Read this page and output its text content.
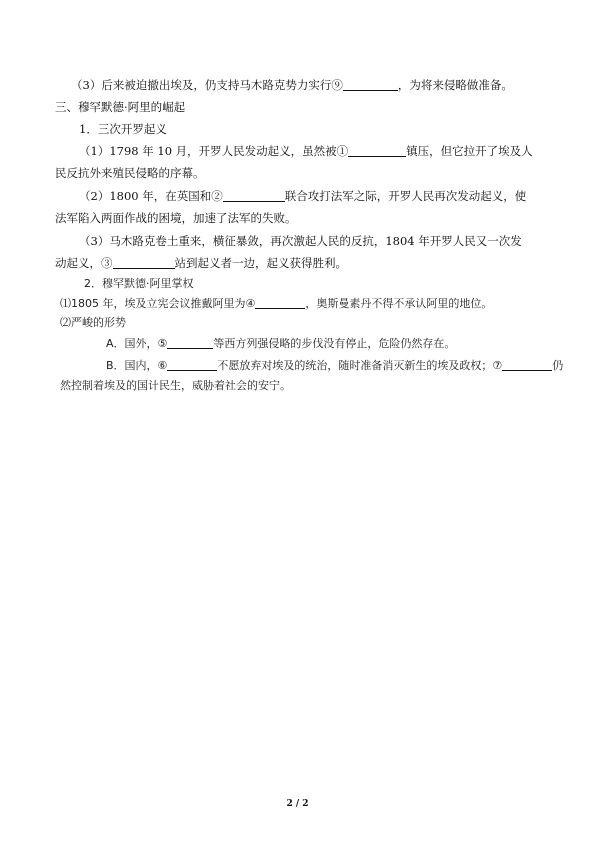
（3）后来被迫撤出埃及，仍支持马木路克势力实行⑨	，为将来侵略做准备。
三、穆罕默德·阿里的崛起
1．三次开罗起义
（1）1798 年 10 月，开罗人民发动起义，虽然被①	镇压，但它拉开了埃及人
民反抗外来殖民侵略的序幕。
（2）1800 年，在英国和②	联合攻打法军之际，开罗人民再次发动起义，使
法军陷入两面作战的困境，加速了法军的失败。
（3）马木路克卷土重来，横征暴敛，再次激起人民的反抗，1804 年开罗人民又一次发
动起义，③	站到起义者一边，起义获得胜利。
2．穆罕默德·阿里掌权
⑴1805 年，埃及立宪会议推戴阿里为④	，奥斯曼素丹不得不承认阿里的地位。
⑵严峻的形势
A．国外，⑤	等西方列强侵略的步伐没有停止，危险仍然存在。
B．国内，⑥	不愿放弃对埃及的统治，随时准备消灭新生的埃及政权；⑦	仍
然控制着埃及的国计民生，威胁着社会的安宁。
2 / 2
